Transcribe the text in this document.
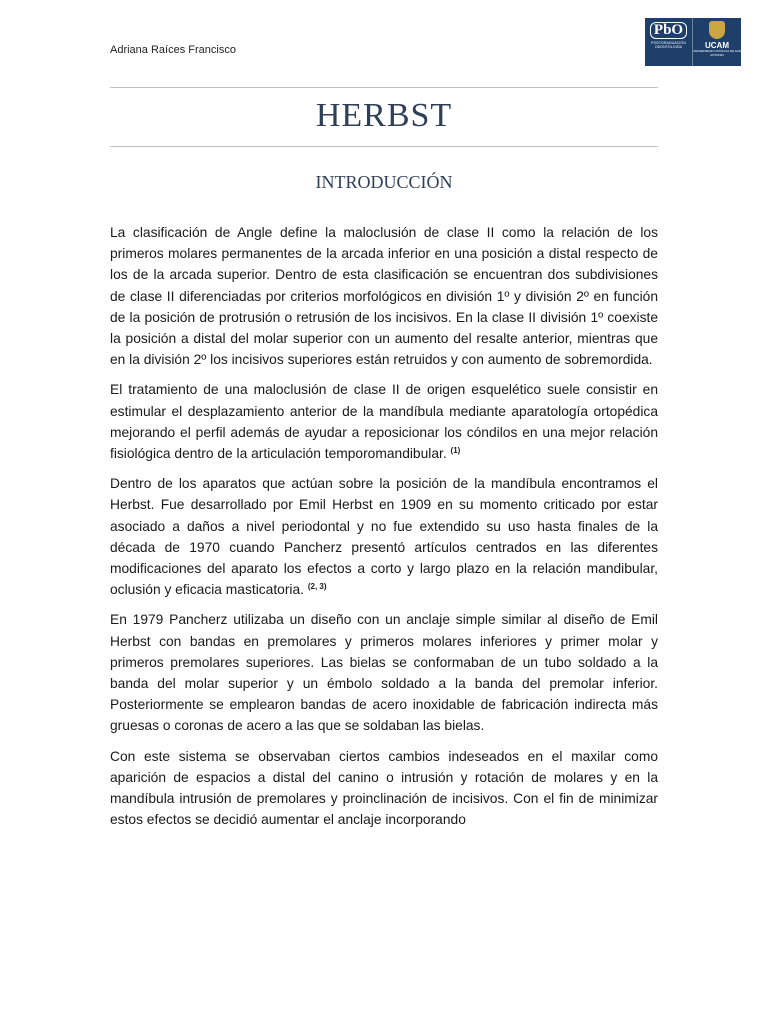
Adriana Raíces Francisco
PbO
POSTGRADUACIÓN ODONTOLOGÍA	UCAM
UNIVERSIDAD CATÓLICA DE SAN ANTONIO
HERBST
INTRODUCCIÓN

La clasificación de Angle define la maloclusión de clase II como la relación de los primeros molares permanentes de la arcada inferior en una posición a distal respecto de los de la arcada superior. Dentro de esta clasificación se encuentran dos subdivisiones de clase II diferenciadas por criterios morfológicos en división 1º y división 2º en función de la posición de protrusión o retrusión de los incisivos. En la clase II división 1º coexiste la posición a distal del molar superior con un aumento del resalte anterior, mientras que en la división 2º los incisivos superiores están retruidos y con aumento de sobremordida.

El tratamiento de una maloclusión de clase II de origen esquelético suele consistir en estimular el desplazamiento anterior de la mandíbula mediante aparatología ortopédica mejorando el perfil además de ayudar a reposicionar los cóndilos en una mejor relación fisiológica dentro de la articulación temporomandibular. $^{(1)}$

Dentro de los aparatos que actúan sobre la posición de la mandíbula encontramos el Herbst. Fue desarrollado por Emil Herbst en 1909 en su momento criticado por estar asociado a daños a nivel periodontal y no fue extendido su uso hasta finales de la década de 1970 cuando Pancherz presentó artículos centrados en las diferentes modificaciones del aparato los efectos a corto y largo plazo en la relación mandibular, oclusión y eficacia masticatoria. $^{(2, 3)}$

En 1979 Pancherz utilizaba un diseño con un anclaje simple similar al diseño de Emil Herbst con bandas en premolares y primeros molares inferiores y primer molar y primeros premolares superiores. Las bielas se conformaban de un tubo soldado a la banda del molar superior y un émbolo soldado a la banda del premolar inferior. Posteriormente se emplearon bandas de acero inoxidable de fabricación indirecta más gruesas o coronas de acero a las que se soldaban las bielas.

Con este sistema se observaban ciertos cambios indeseados en el maxilar como aparición de espacios a distal del canino o intrusión y rotación de molares y en la mandíbula intrusión de premolares y proinclinación de incisivos. Con el fin de minimizar estos efectos se decidió aumentar el anclaje incorporando
